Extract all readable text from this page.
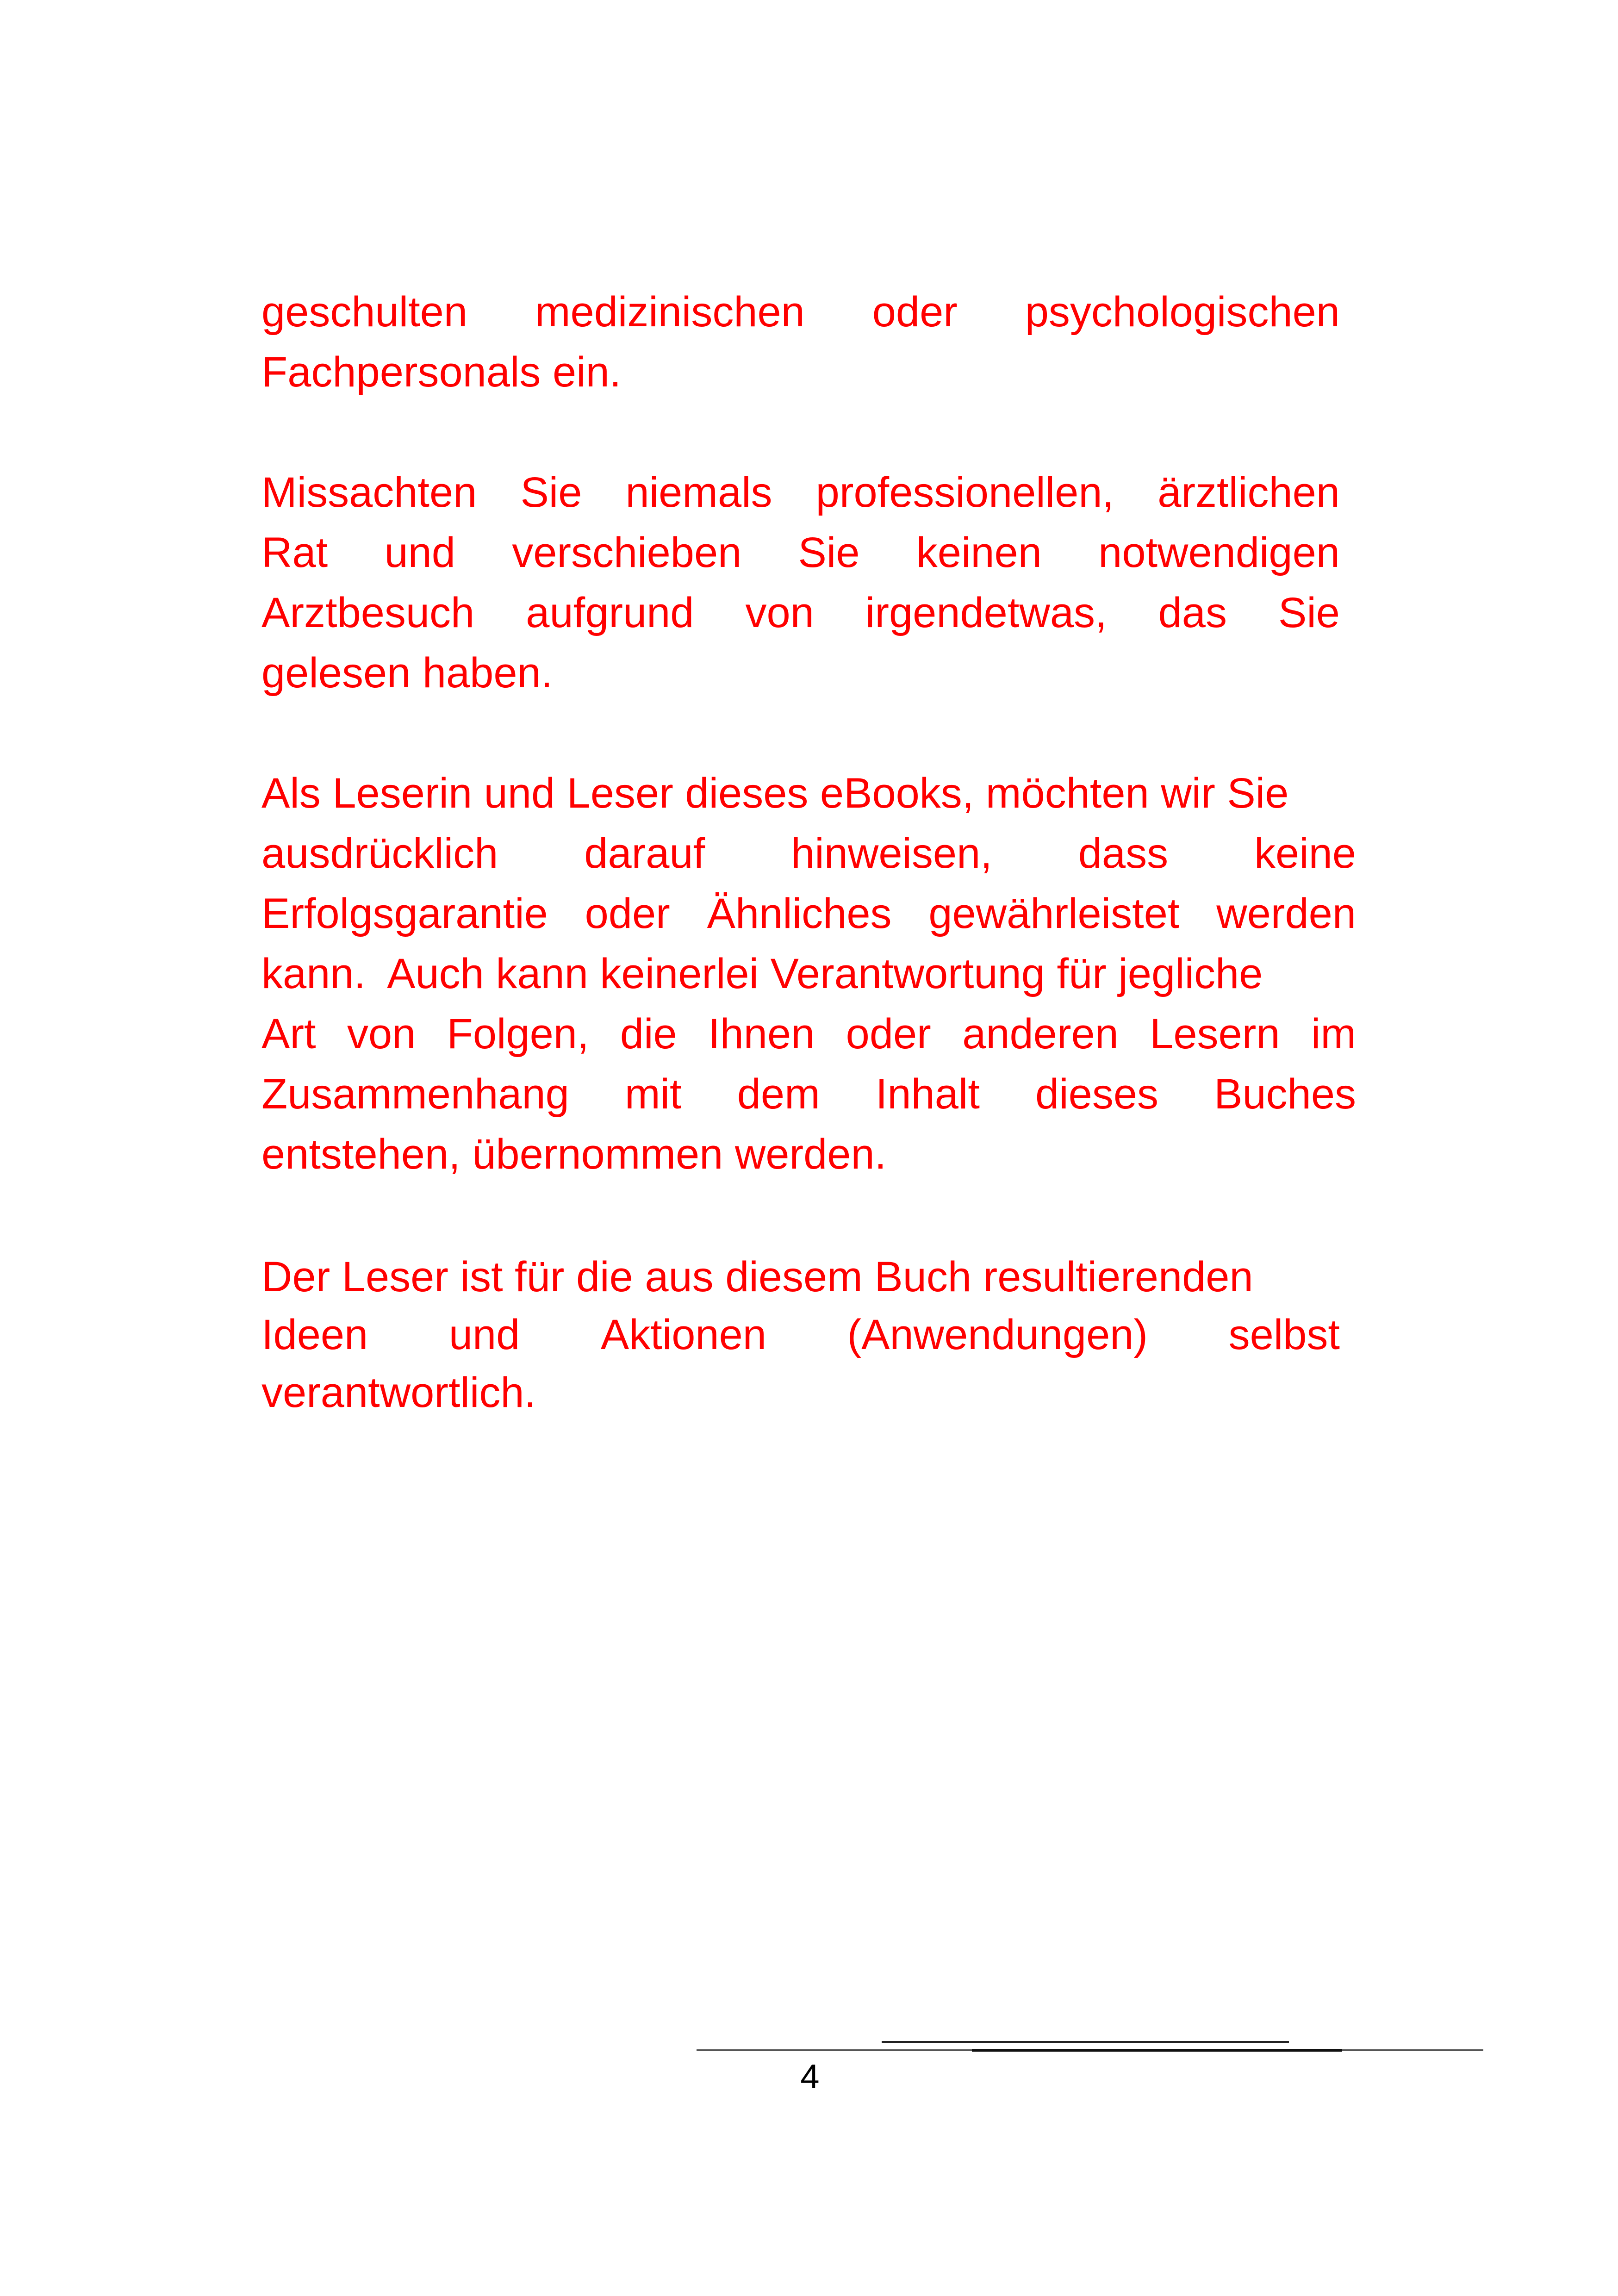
geschulten medizinischen oder psychologischen
Fachpersonals ein.
Missachten Sie niemals professionellen, ärztlichen
Rat und verschieben Sie keinen notwendigen
Arztbesuch aufgrund von irgendetwas, das Sie
gelesen haben.
Als Leserin und Leser dieses eBooks, möchten wir Sie
ausdrücklich darauf hinweisen, dass keine
Erfolgsgarantie oder Ähnliches gewährleistet werden
kann.  Auch kann keinerlei Verantwortung für jegliche
Art von Folgen, die Ihnen oder anderen Lesern im
Zusammenhang mit dem Inhalt dieses Buches
entstehen, übernommen werden.
Der Leser ist für die aus diesem Buch resultierenden
Ideen und Aktionen (Anwendungen) selbst
verantwortlich.
4
